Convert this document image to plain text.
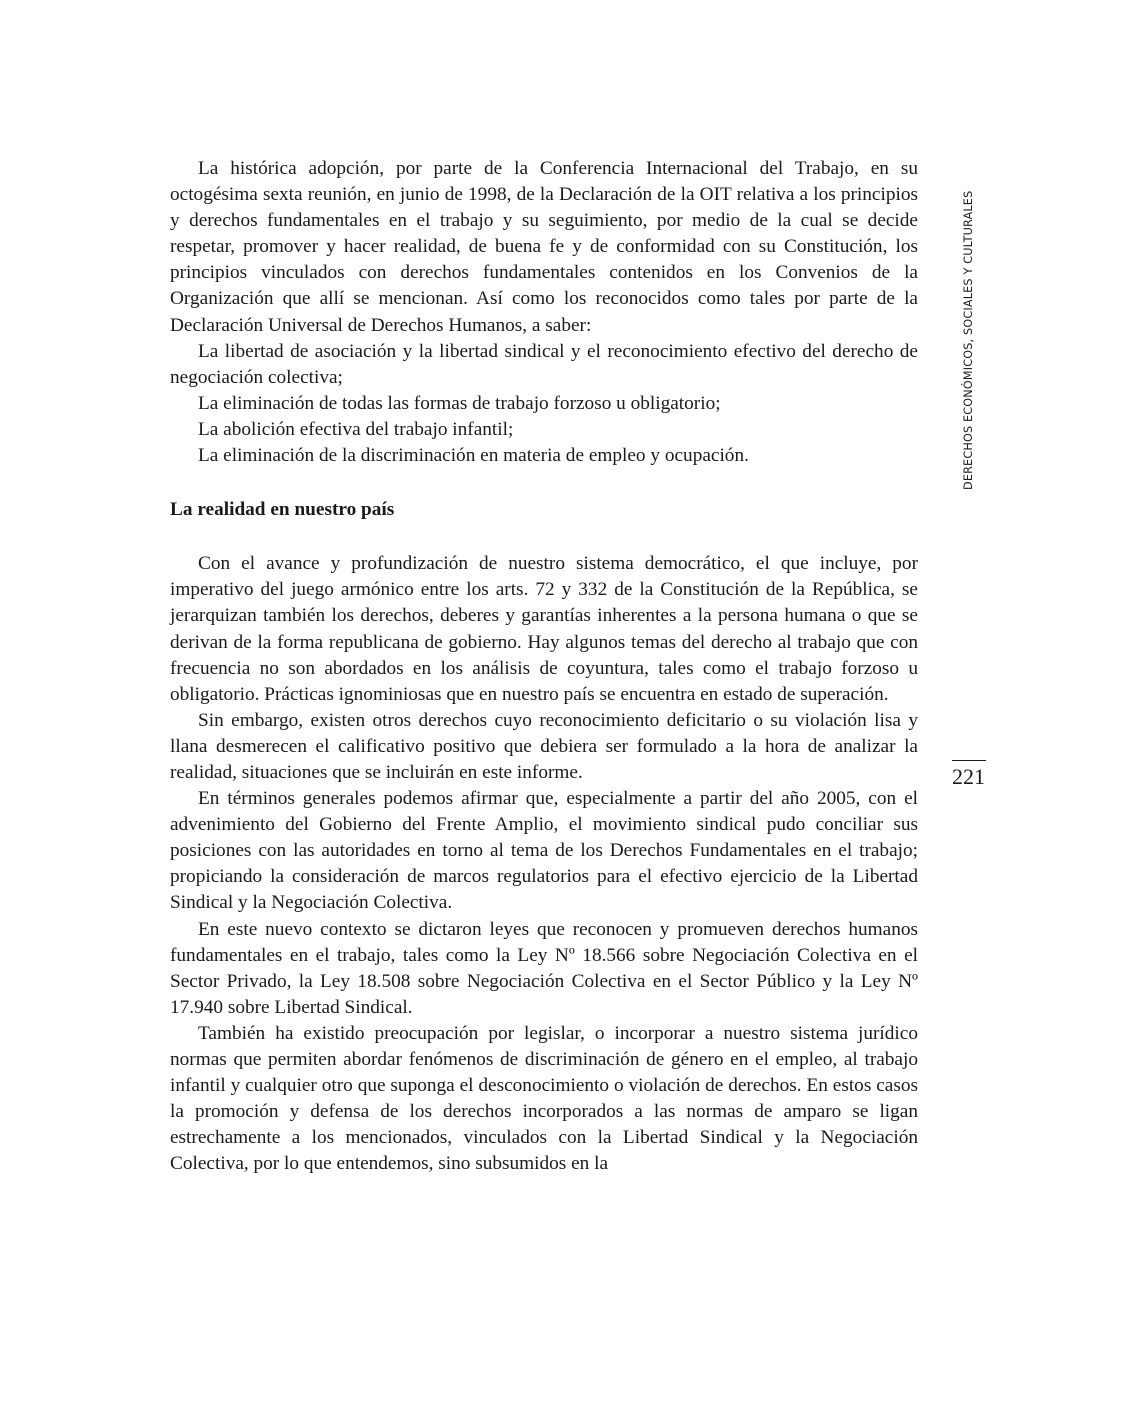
La histórica adopción, por parte de la Conferencia Internacional del Trabajo, en su octogésima sexta reunión, en junio de 1998, de la Declaración de la OIT relativa a los principios y derechos fundamentales en el trabajo y su seguimiento, por medio de la cual se decide respetar, promover y hacer realidad, de buena fe y de conformidad con su Constitución, los principios vinculados con derechos fundamentales contenidos en los Convenios de la Organización que allí se mencionan. Así como los reconocidos como tales por parte de la Declaración Universal de Derechos Humanos, a saber:

La libertad de asociación y la libertad sindical y el reconocimiento efectivo del derecho de negociación colectiva;

La eliminación de todas las formas de trabajo forzoso u obligatorio;

La abolición efectiva del trabajo infantil;

La eliminación de la discriminación en materia de empleo y ocupación.

La realidad en nuestro país

Con el avance y profundización de nuestro sistema democrático, el que incluye, por imperativo del juego armónico entre los arts. 72 y 332 de la Constitución de la República, se jerarquizan también los derechos, deberes y garantías inherentes a la persona humana o que se derivan de la forma republicana de gobierno. Hay algunos temas del derecho al trabajo que con frecuencia no son abordados en los análisis de coyuntura, tales como el trabajo forzoso u obligatorio. Prácticas ignominiosas que en nuestro país se encuentra en estado de superación.

Sin embargo, existen otros derechos cuyo reconocimiento deficitario o su violación lisa y llana desmerecen el calificativo positivo que debiera ser formulado a la hora de analizar la realidad, situaciones que se incluirán en este informe.

En términos generales podemos afirmar que, especialmente a partir del año 2005, con el advenimiento del Gobierno del Frente Amplio, el movimiento sindical pudo conciliar sus posiciones con las autoridades en torno al tema de los Derechos Fundamentales en el trabajo; propiciando la consideración de marcos regulatorios para el efectivo ejercicio de la Libertad Sindical y la Negociación Colectiva.

En este nuevo contexto se dictaron leyes que reconocen y promueven derechos humanos fundamentales en el trabajo, tales como la Ley Nº 18.566 sobre Negociación Colectiva en el Sector Privado, la Ley 18.508 sobre Negociación Colectiva en el Sector Público y la Ley Nº 17.940 sobre Libertad Sindical.

También ha existido preocupación por legislar, o incorporar a nuestro sistema jurídico normas que permiten abordar fenómenos de discriminación de género en el empleo, al trabajo infantil y cualquier otro que suponga el desconocimiento o violación de derechos. En estos casos la promoción y defensa de los derechos incorporados a las normas de amparo se ligan estrechamente a los mencionados, vinculados con la Libertad Sindical y la Negociación Colectiva, por lo que entendemos, sino subsumidos en la

DERECHOS ECONÓMICOS, SOCIALES Y CULTURALES
221
